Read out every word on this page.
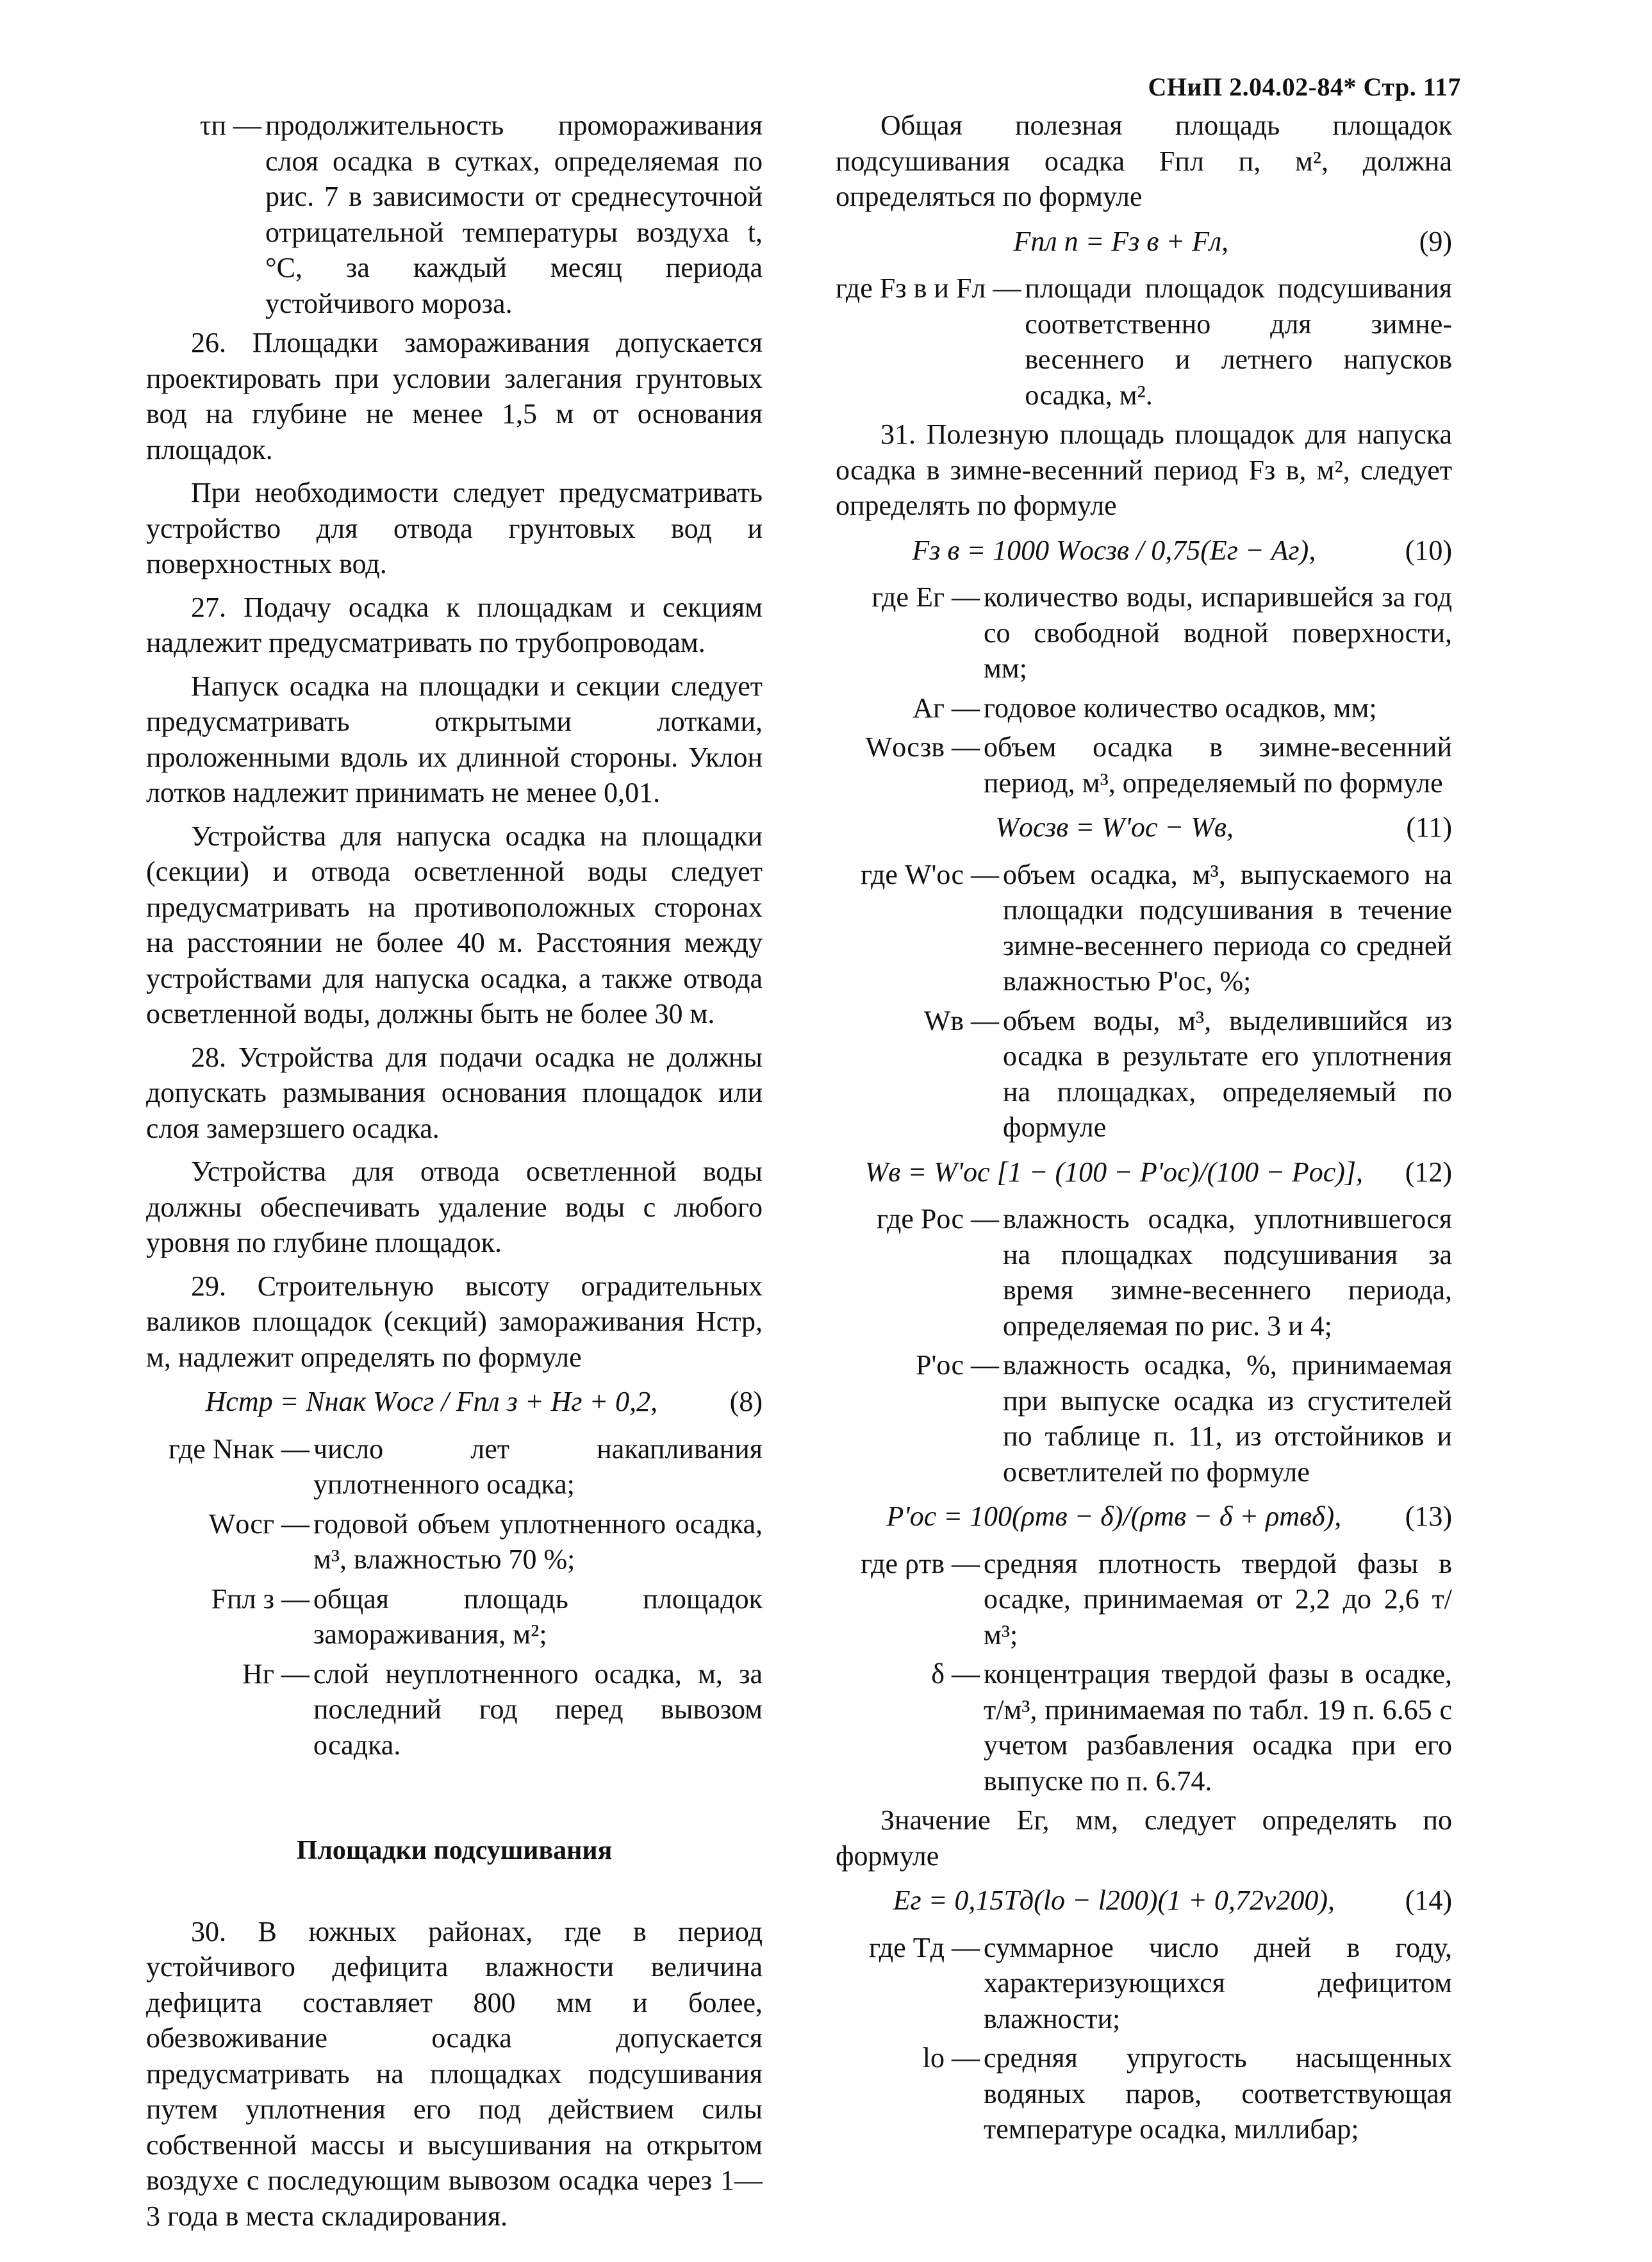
СНиП 2.04.02-84* Стр. 117
τп — продолжительность промораживания слоя осадка в сутках, определяемая по рис. 7 в зависимости от среднесуточной отрицательной температуры воздуха t, °С, за каждый месяц периода устойчивого мороза.

26. Площадки замораживания допускается проектировать при условии залегания грунтовых вод на глубине не менее 1,5 м от основания площадок.

При необходимости следует предусматривать устройство для отвода грунтовых вод и поверхностных вод.

27. Подачу осадка к площадкам и секциям надлежит предусматривать по трубопроводам.

Напуск осадка на площадки и секции следует предусматривать открытыми лотками, проложенными вдоль их длинной стороны. Уклон лотков надлежит принимать не менее 0,01.

Устройства для напуска осадка на площадки (секции) и отвода осветленной воды следует предусматривать на противоположных сторонах на расстоянии не более 40 м. Расстояния между устройствами для напуска осадка, а также отвода осветленной воды, должны быть не более 30 м.

28. Устройства для подачи осадка не должны допускать размывания основания площадок или слоя замерзшего осадка.

Устройства для отвода осветленной воды должны обеспечивать удаление воды с любого уровня по глубине площадок.

29. Строительную высоту оградительных валиков площадок (секций) замораживания Нстр, м, надлежит определять по формуле

Нстр = Nнак Wосг / Fпл з + Нг + 0,2,	(8)
где Nнак — число лет накапливания уплотненного осадка;
Wосг — годовой объем уплотненного осадка, м³, влажностью 70 %;
Fпл з — общая площадь площадок замораживания, м²;
Нг — слой неуплотненного осадка, м, за последний год перед вывозом осадка.
Площадки подсушивания

30. В южных районах, где в период устойчивого дефицита влажности величина дефицита составляет 800 мм и более, обезвоживание осадка допускается предусматривать на площадках подсушивания путем уплотнения его под действием силы собственной массы и высушивания на открытом воздухе с последующим вывозом осадка через 1—3 года в места складирования.

Общая полезная площадь площадок подсушивания осадка Fпл п, м², должна определяться по формуле

Fпл п = Fз в + Fл,	(9)
где Fз в и Fл — площади площадок подсушивания соответственно для зимне-весеннего и летнего напусков осадка, м².

31. Полезную площадь площадок для напуска осадка в зимне-весенний период Fз в, м², следует определять по формуле

Fз в = 1000 Wосзв / 0,75(Ег − Аг),	(10)
где Ег — количество воды, испарившейся за год со свободной водной поверхности, мм;
Аг — годовое количество осадков, мм;
Wосзв — объем осадка в зимне-весенний период, м³, определяемый по формуле
Wосзв = W'ос − Wв,	(11)
где W'ос — объем осадка, м³, выпускаемого на площадки подсушивания в течение зимне-весеннего периода со средней влажностью P'ос, %;
Wв — объем воды, м³, выделившийся из осадка в результате его уплотнения на площадках, определяемый по формуле
Wв = W'ос [1 − (100 − P'ос)/(100 − Pос)],	(12)
где Pос — влажность осадка, уплотнившегося на площадках подсушивания за время зимне-весеннего периода, определяемая по рис. 3 и 4;
P'ос — влажность осадка, %, принимаемая при выпуске осадка из сгустителей по таблице п. 11, из отстойников и осветлителей по формуле
P'ос = 100(ρтв − δ)/(ρтв − δ + ρтвδ),	(13)
где ρтв — средняя плотность твердой фазы в осадке, принимаемая от 2,2 до 2,6 т/м³;
δ — концентрация твердой фазы в осадке, т/м³, принимаемая по табл. 19 п. 6.65 с учетом разбавления осадка при его выпуске по п. 6.74.

Значение Ег, мм, следует определять по формуле

Ег = 0,15Тд(lо − l200)(1 + 0,72v200),	(14)
где Тд — суммарное число дней в году, характеризующихся дефицитом влажности;
lо — средняя упругость насыщенных водяных паров, соответствующая температуре осадка, миллибар;
